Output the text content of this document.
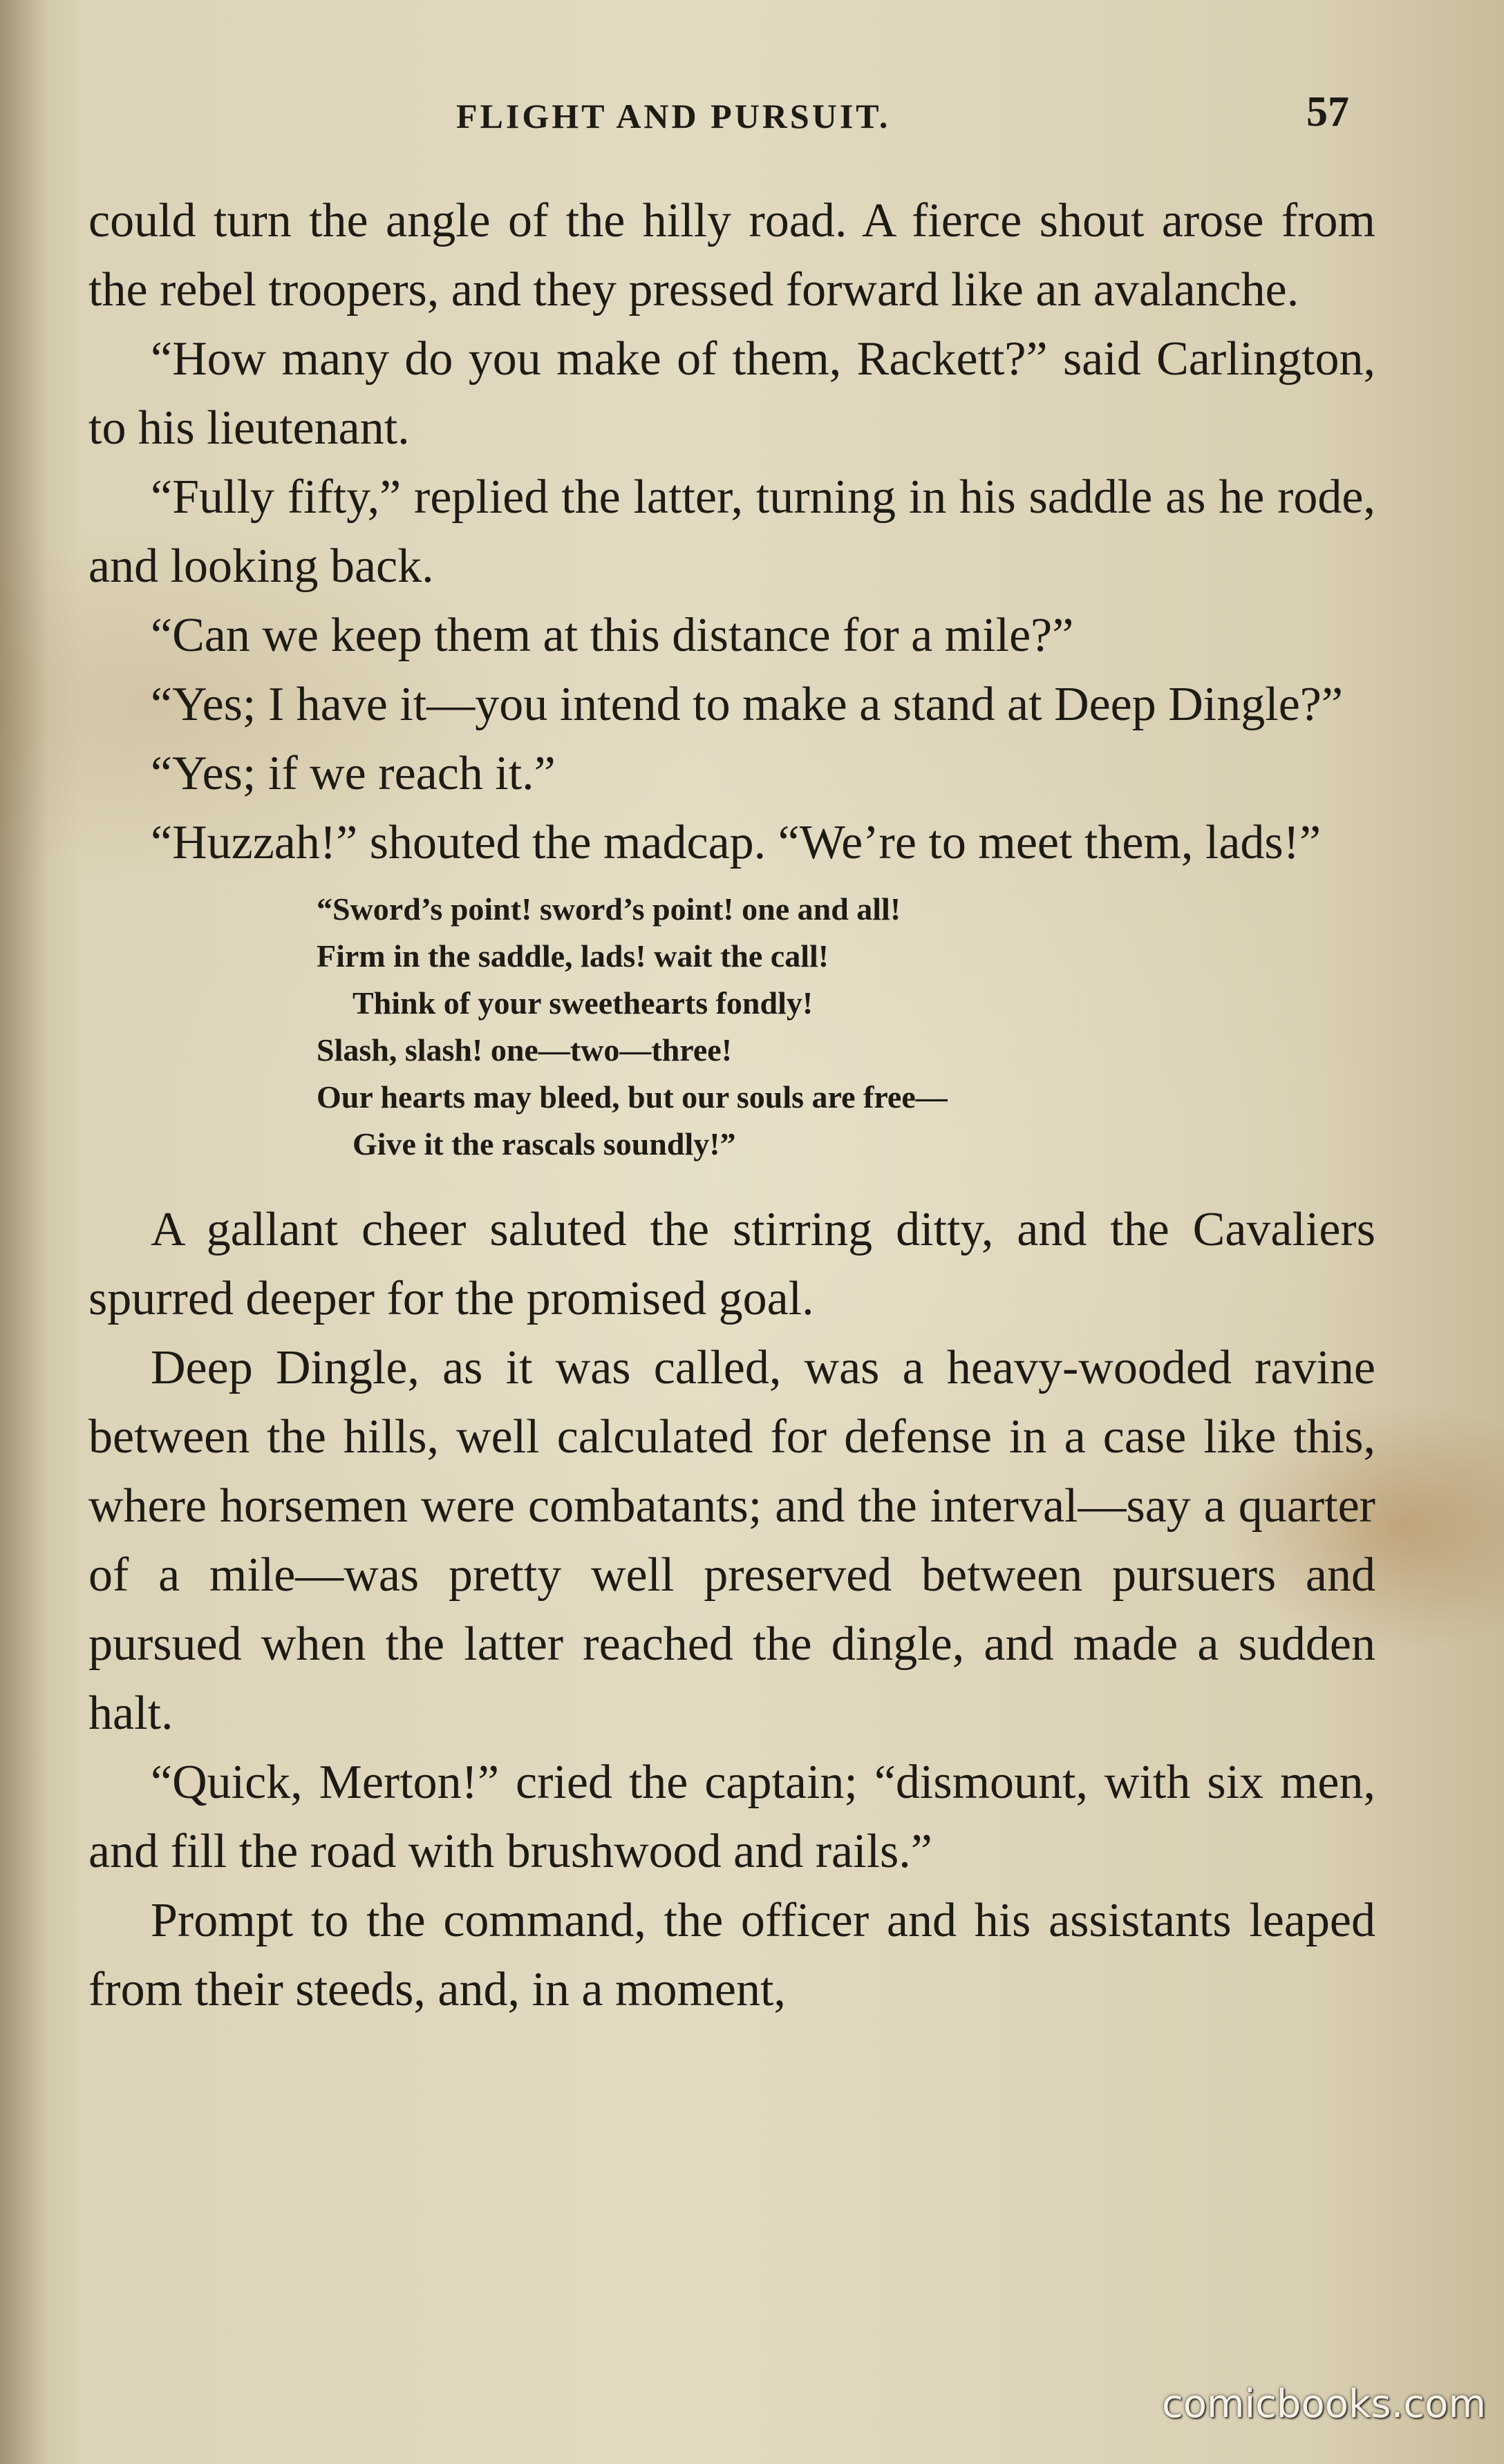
FLIGHT AND PURSUIT.	57

could turn the angle of the hilly road. A fierce shout arose from the rebel troopers, and they pressed forward like an avalanche.

“How many do you make of them, Rackett?” said Carlington, to his lieutenant.

“Fully fifty,” replied the latter, turning in his saddle as he rode, and looking back.

“Can we keep them at this distance for a mile?”

“Yes; I have it—you intend to make a stand at Deep Dingle?”

“Yes; if we reach it.”

“Huzzah!” shouted the madcap. “We’re to meet them, lads!”

“Sword’s point! sword’s point! one and all!
Firm in the saddle, lads! wait the call!
Think of your sweethearts fondly!
Slash, slash! one—two—three!
Our hearts may bleed, but our souls are free—
Give it the rascals soundly!”

A gallant cheer saluted the stirring ditty, and the Cavaliers spurred deeper for the promised goal.

Deep Dingle, as it was called, was a heavy-wooded ravine between the hills, well calculated for defense in a case like this, where horsemen were combatants; and the interval—say a quarter of a mile—was pretty well preserved between pursuers and pursued when the latter reached the dingle, and made a sudden halt.

“Quick, Merton!” cried the captain; “dismount, with six men, and fill the road with brushwood and rails.”

Prompt to the command, the officer and his assistants leaped from their steeds, and, in a moment,

comicbooks.com
